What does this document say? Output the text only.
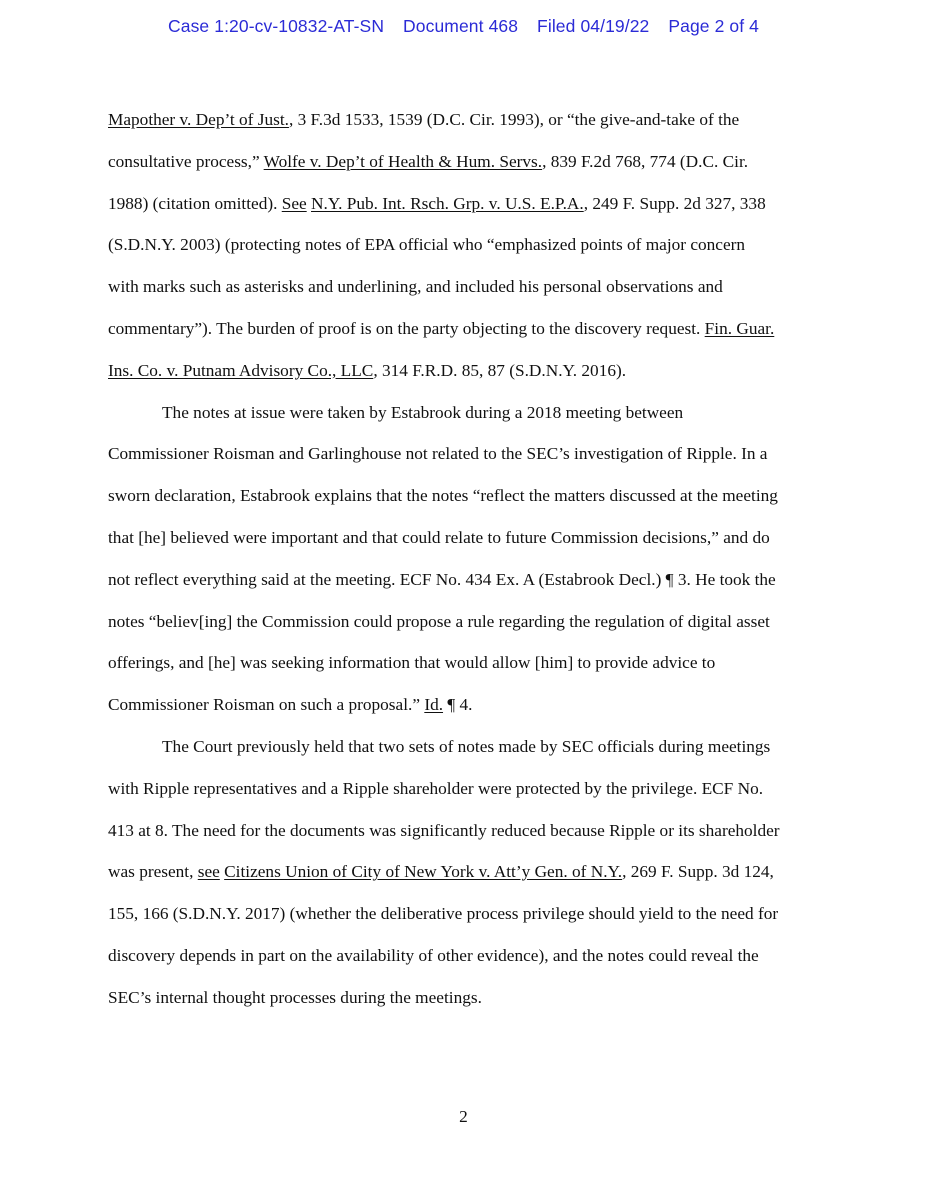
Case 1:20-cv-10832-AT-SN Document 468 Filed 04/19/22 Page 2 of 4
Mapother v. Dep’t of Just., 3 F.3d 1533, 1539 (D.C. Cir. 1993), or “the give-and-take of the
consultative process,” Wolfe v. Dep’t of Health & Hum. Servs., 839 F.2d 768, 774 (D.C. Cir.
1988) (citation omitted). See N.Y. Pub. Int. Rsch. Grp. v. U.S. E.P.A., 249 F. Supp. 2d 327, 338
(S.D.N.Y. 2003) (protecting notes of EPA official who “emphasized points of major concern
with marks such as asterisks and underlining, and included his personal observations and
commentary”). The burden of proof is on the party objecting to the discovery request. Fin. Guar.
Ins. Co. v. Putnam Advisory Co., LLC, 314 F.R.D. 85, 87 (S.D.N.Y. 2016).
The notes at issue were taken by Estabrook during a 2018 meeting between
Commissioner Roisman and Garlinghouse not related to the SEC’s investigation of Ripple. In a
sworn declaration, Estabrook explains that the notes “reflect the matters discussed at the meeting
that [he] believed were important and that could relate to future Commission decisions,” and do
not reflect everything said at the meeting. ECF No. 434 Ex. A (Estabrook Decl.) ¶ 3. He took the
notes “believ[ing] the Commission could propose a rule regarding the regulation of digital asset
offerings, and [he] was seeking information that would allow [him] to provide advice to
Commissioner Roisman on such a proposal.” Id. ¶ 4.
The Court previously held that two sets of notes made by SEC officials during meetings
with Ripple representatives and a Ripple shareholder were protected by the privilege. ECF No.
413 at 8. The need for the documents was significantly reduced because Ripple or its shareholder
was present, see Citizens Union of City of New York v. Att’y Gen. of N.Y., 269 F. Supp. 3d 124,
155, 166 (S.D.N.Y. 2017) (whether the deliberative process privilege should yield to the need for
discovery depends in part on the availability of other evidence), and the notes could reveal the
SEC’s internal thought processes during the meetings.
2
